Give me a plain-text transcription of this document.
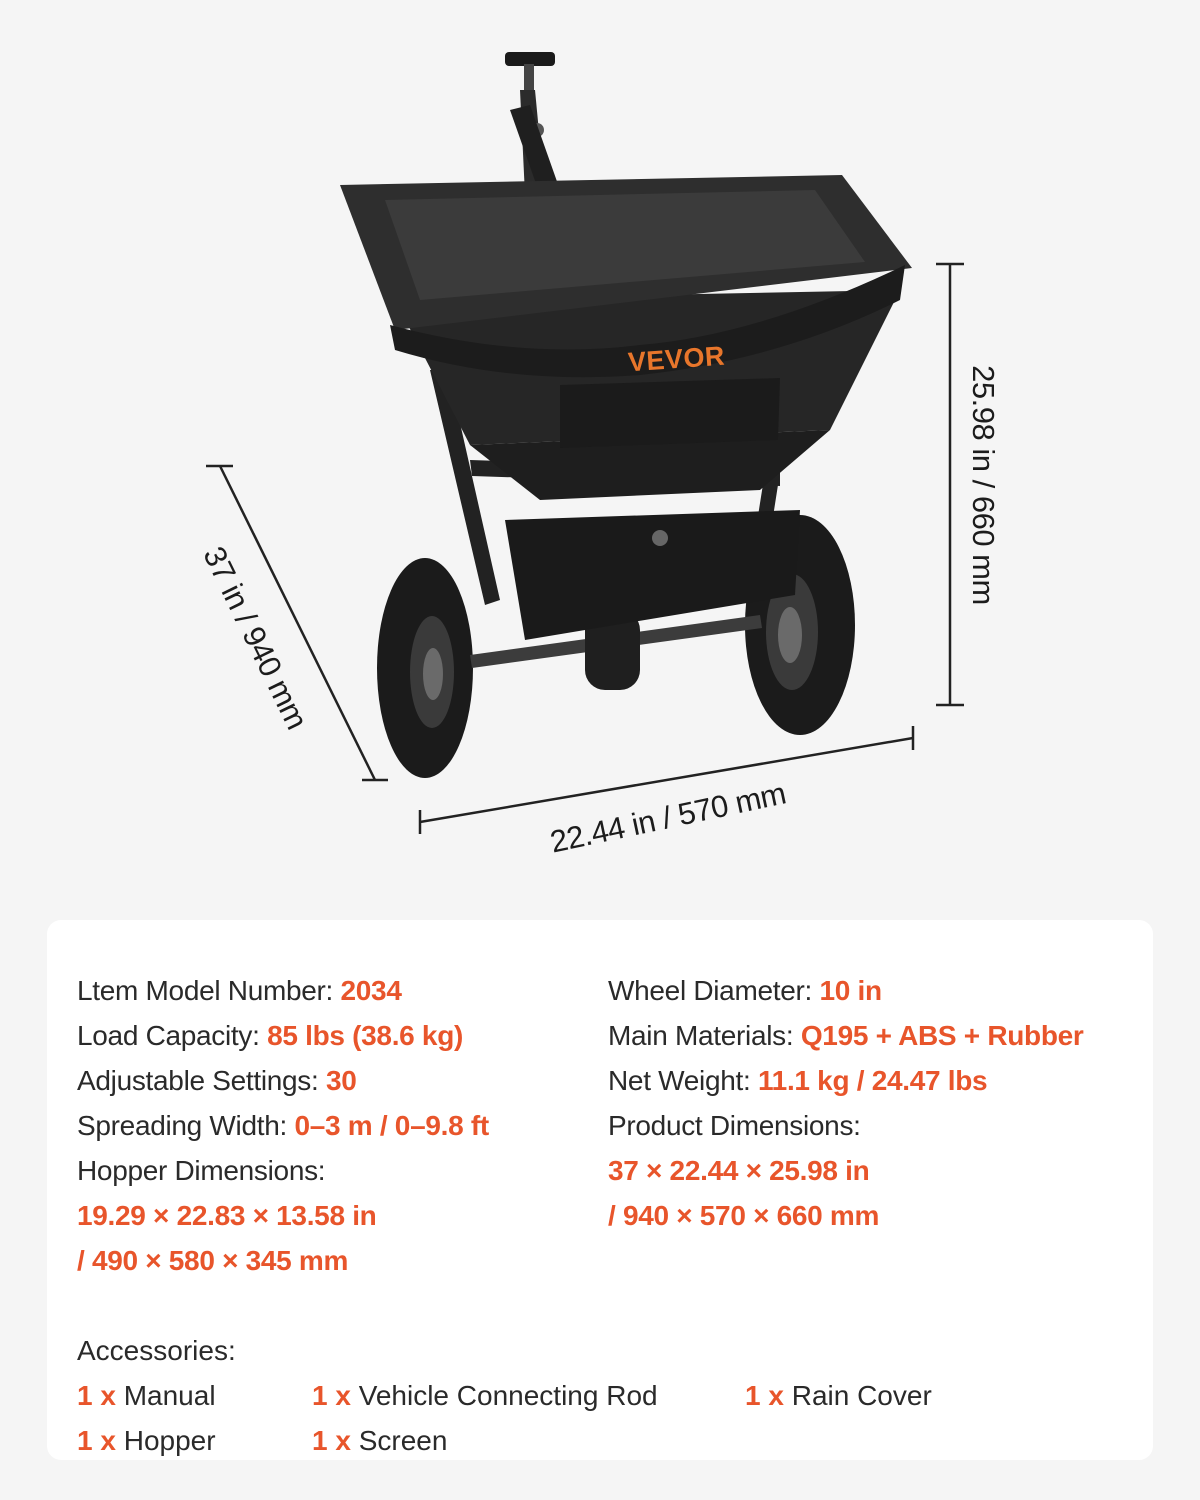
VEVOR
25.98 in / 660 mm
37 in / 940 mm
22.44 in / 570 mm
Ltem Model Number: 2034
Load Capacity: 85 lbs (38.6 kg)
Adjustable Settings: 30
Spreading Width: 0–3 m / 0–9.8 ft
Hopper Dimensions:
19.29 × 22.83 × 13.58 in
/ 490 × 580 × 345 mm
Wheel Diameter: 10 in
Main Materials: Q195 + ABS + Rubber
Net Weight: 11.1 kg / 24.47 lbs
Product Dimensions:
37 × 22.44 × 25.98 in
/ 940 × 570 × 660 mm
Accessories:
1 x Manual	1 x Vehicle Connecting Rod	1 x Rain Cover
1 x Hopper	1 x Screen
